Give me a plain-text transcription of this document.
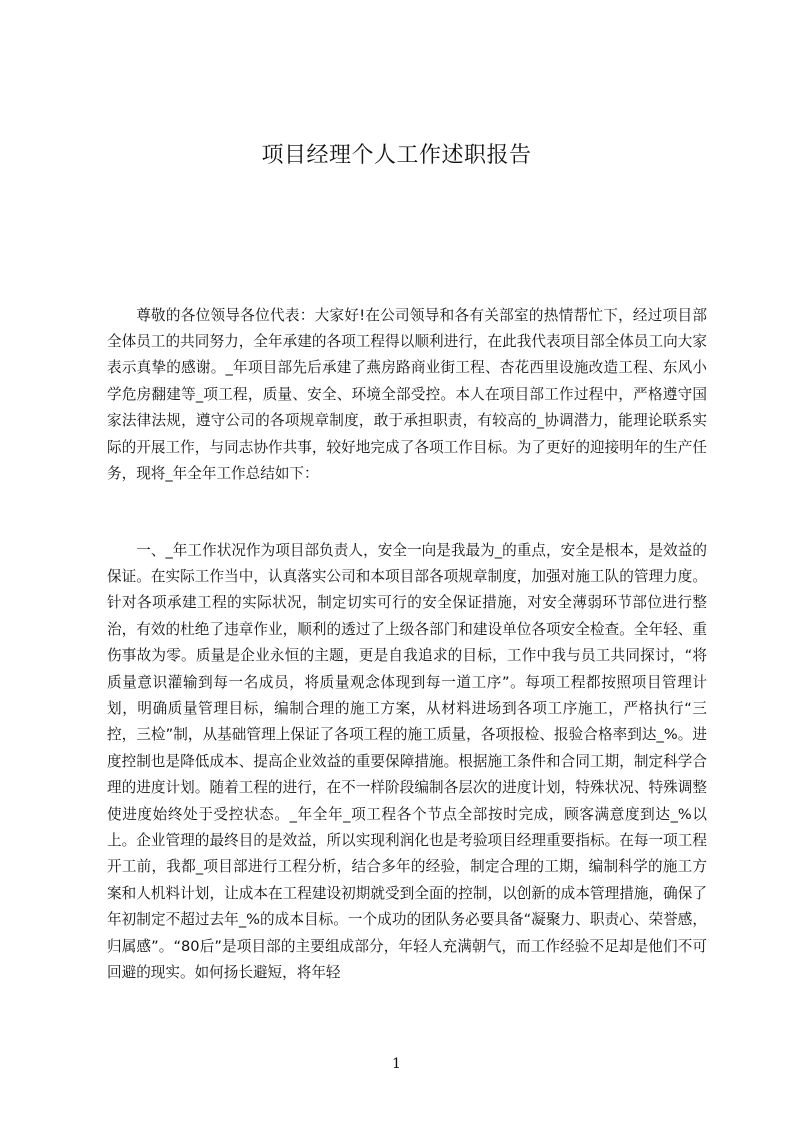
项目经理个人工作述职报告

尊敬的各位领导各位代表：大家好!在公司领导和各有关部室的热情帮忙下，经过项目部全体员工的共同努力，全年承建的各项工程得以顺利进行，在此我代表项目部全体员工向大家表示真挚的感谢。_年项目部先后承建了燕房路商业街工程、杏花西里设施改造工程、东风小学危房翻建等_项工程，质量、安全、环境全部受控。本人在项目部工作过程中，严格遵守国家法律法规，遵守公司的各项规章制度，敢于承担职责，有较高的_协调潜力，能理论联系实际的开展工作，与同志协作共事，较好地完成了各项工作目标。为了更好的迎接明年的生产任务，现将_年全年工作总结如下：

一、_年工作状况作为项目部负责人，安全一向是我最为_的重点，安全是根本，是效益的保证。在实际工作当中，认真落实公司和本项目部各项规章制度，加强对施工队的管理力度。针对各项承建工程的实际状况，制定切实可行的安全保证措施，对安全薄弱环节部位进行整治，有效的杜绝了违章作业，顺利的透过了上级各部门和建设单位各项安全检查。全年轻、重伤事故为零。质量是企业永恒的主题，更是自我追求的目标，工作中我与员工共同探讨，“将质量意识灌输到每一名成员，将质量观念体现到每一道工序”。每项工程都按照项目管理计划，明确质量管理目标，编制合理的施工方案，从材料进场到各项工序施工，严格执行“三控，三检”制，从基础管理上保证了各项工程的施工质量，各项报检、报验合格率到达_%。进度控制也是降低成本、提高企业效益的重要保障措施。根据施工条件和合同工期，制定科学合理的进度计划。随着工程的进行，在不一样阶段编制各层次的进度计划，特殊状况、特殊调整使进度始终处于受控状态。_年全年_项工程各个节点全部按时完成，顾客满意度到达_%以上。企业管理的最终目的是效益，所以实现利润化也是考验项目经理重要指标。在每一项工程开工前，我都_项目部进行工程分析，结合多年的经验，制定合理的工期，编制科学的施工方案和人机料计划，让成本在工程建设初期就受到全面的控制，以创新的成本管理措施，确保了年初制定不超过去年_%的成本目标。一个成功的团队务必要具备“凝聚力、职责心、荣誉感，归属感”。“80后”是项目部的主要组成部分，年轻人充满朝气，而工作经验不足却是他们不可回避的现实。如何扬长避短，将年轻

1
